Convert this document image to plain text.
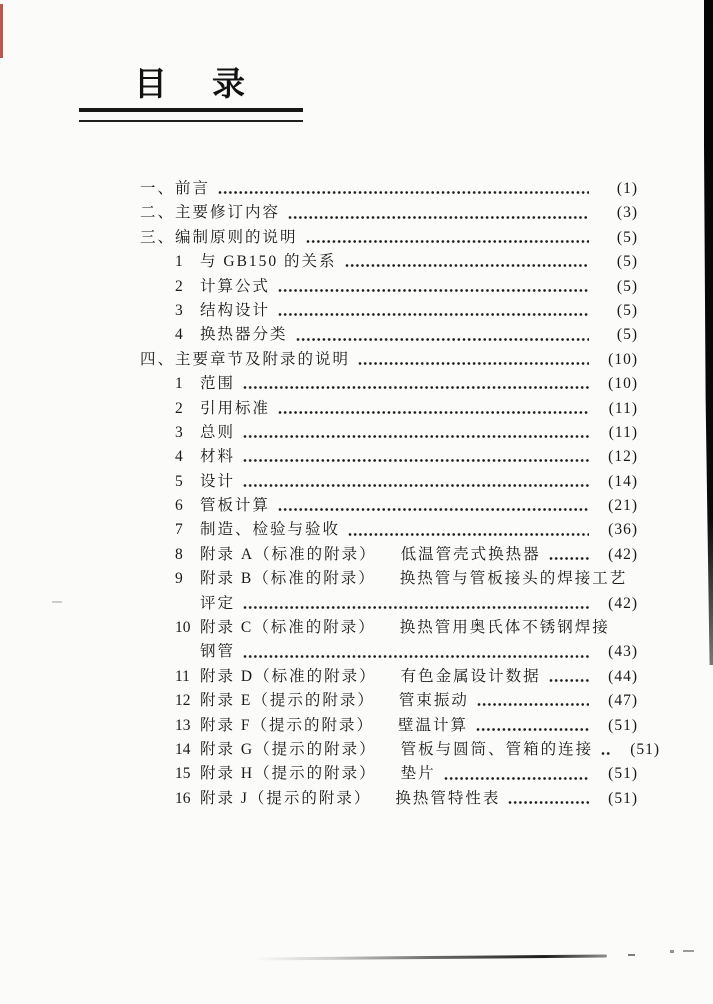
目　录
一、前言	(1)
二、主要修订内容	(3)
三、编制原则的说明	(5)
1	与 GB150 的关系	(5)
2	计算公式	(5)
3	结构设计	(5)
4	换热器分类	(5)
四、主要章节及附录的说明	(10)
1	范围	(10)
2	引用标准	(11)
3	总则	(11)
4	材料	(12)
5	设计	(14)
6	管板计算	(21)
7	制造、检验与验收	(36)
8	附录 A（标准的附录） 低温管壳式换热器	(42)
9	附录 B（标准的附录） 换热管与管板接头的焊接工艺
评定	(42)
10 附录 C（标准的附录） 换热管用奥氏体不锈钢焊接
钢管	(43)
11 附录 D（标准的附录） 有色金属设计数据	(44)
12 附录 E（提示的附录） 管束振动	(47)
13 附录 F（提示的附录） 壁温计算	(51)
14 附录 G（提示的附录） 管板与圆筒、管箱的连接	(51)
15 附录 H（提示的附录） 垫片	(51)
16 附录 J（提示的附录） 换热管特性表	(51)
